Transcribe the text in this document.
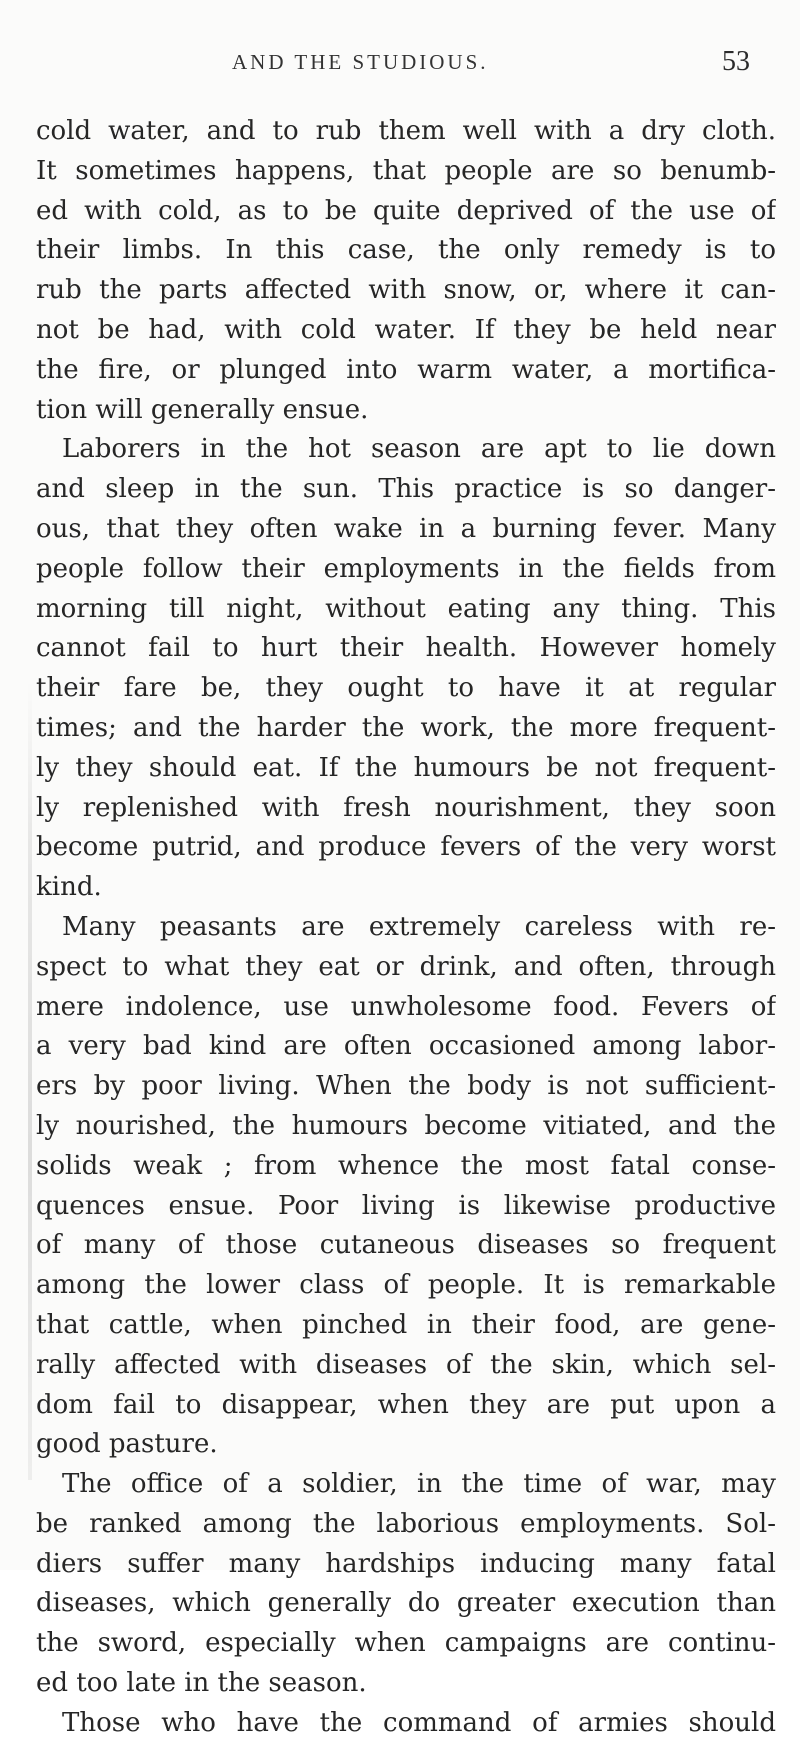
AND THE STUDIOUS.	53
cold water, and to rub them well with a dry cloth.
It sometimes happens, that people are so benumb-
ed with cold, as to be quite deprived of the use of
their limbs. In this case, the only remedy is to
rub the parts affected with snow, or, where it can-
not be had, with cold water. If they be held near
the fire, or plunged into warm water, a mortifica-
tion will generally ensue.
Laborers in the hot season are apt to lie down
and sleep in the sun. This practice is so danger-
ous, that they often wake in a burning fever. Many
people follow their employments in the fields from
morning till night, without eating any thing. This
cannot fail to hurt their health. However homely
their fare be, they ought to have it at regular
times; and the harder the work, the more frequent-
ly they should eat. If the humours be not frequent-
ly replenished with fresh nourishment, they soon
become putrid, and produce fevers of the very worst
kind.
Many peasants are extremely careless with re-
spect to what they eat or drink, and often, through
mere indolence, use unwholesome food. Fevers of
a very bad kind are often occasioned among labor-
ers by poor living. When the body is not sufficient-
ly nourished, the humours become vitiated, and the
solids weak ; from whence the most fatal conse-
quences ensue. Poor living is likewise productive
of many of those cutaneous diseases so frequent
among the lower class of people. It is remarkable
that cattle, when pinched in their food, are gene-
rally affected with diseases of the skin, which sel-
dom fail to disappear, when they are put upon a
good pasture.
The office of a soldier, in the time of war, may
be ranked among the laborious employments. Sol-
diers suffer many hardships inducing many fatal
diseases, which generally do greater execution than
the sword, especially when campaigns are continu-
ed too late in the season.
Those who have the command of armies should
